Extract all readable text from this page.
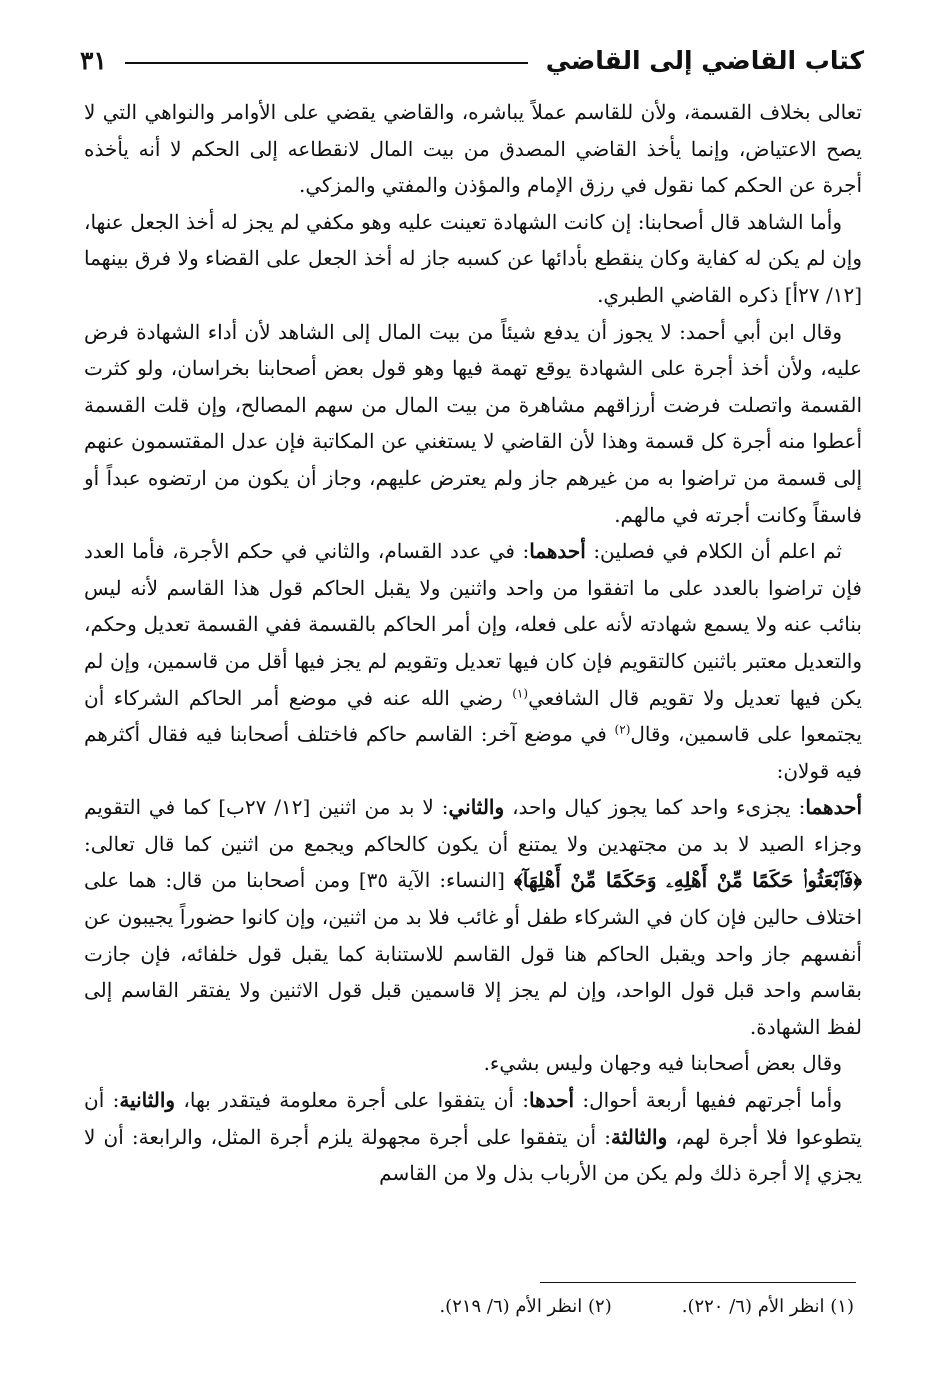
كتاب القاضي إلى القاضي
٣١

تعالى بخلاف القسمة، ولأن للقاسم عملاً يباشره، والقاضي يقضي على الأوامر والنواهي التي لا يصح الاعتياض، وإنما يأخذ القاضي المصدق من بيت المال لانقطاعه إلى الحكم لا أنه يأخذه أجرة عن الحكم كما نقول في رزق الإمام والمؤذن والمفتي والمزكي.

وأما الشاهد قال أصحابنا: إن كانت الشهادة تعينت عليه وهو مكفي لم يجز له أخذ الجعل عنها، وإن لم يكن له كفاية وكان ينقطع بأدائها عن كسبه جاز له أخذ الجعل على القضاء ولا فرق بينهما [١٢/ ٢٧أ] ذكره القاضي الطبري.

وقال ابن أبي أحمد: لا يجوز أن يدفع شيئاً من بيت المال إلى الشاهد لأن أداء الشهادة فرض عليه، ولأن أخذ أجرة على الشهادة يوقع تهمة فيها وهو قول بعض أصحابنا بخراسان، ولو كثرت القسمة واتصلت فرضت أرزاقهم مشاهرة من بيت المال من سهم المصالح، وإن قلت القسمة أعطوا منه أجرة كل قسمة وهذا لأن القاضي لا يستغني عن المكاتبة فإن عدل المقتسمون عنهم إلى قسمة من تراضوا به من غيرهم جاز ولم يعترض عليهم، وجاز أن يكون من ارتضوه عبداً أو فاسقاً وكانت أجرته في مالهم.

ثم اعلم أن الكلام في فصلين: أحدهما: في عدد القسام، والثاني في حكم الأجرة، فأما العدد فإن تراضوا بالعدد على ما اتفقوا من واحد واثنين ولا يقبل الحاكم قول هذا القاسم لأنه ليس بنائب عنه ولا يسمع شهادته لأنه على فعله، وإن أمر الحاكم بالقسمة ففي القسمة تعديل وحكم، والتعديل معتبر باثنين كالتقويم فإن كان فيها تعديل وتقويم لم يجز فيها أقل من قاسمين، وإن لم يكن فيها تعديل ولا تقويم قال الشافعي$^{(١)}$ رضي الله عنه في موضع أمر الحاكم الشركاء أن يجتمعوا على قاسمين، وقال$^{(٢)}$ في موضع آخر: القاسم حاكم فاختلف أصحابنا فيه فقال أكثرهم فيه قولان:

أحدهما: يجزىء واحد كما يجوز كيال واحد، والثاني: لا بد من اثنين [١٢/ ٢٧ب] كما في التقويم وجزاء الصيد لا بد من مجتهدين ولا يمتنع أن يكون كالحاكم ويجمع من اثنين كما قال تعالى: ﴿فَٱبْعَثُوا۟ حَكَمًا مِّنْ أَهْلِهِۦ وَحَكَمًا مِّنْ أَهْلِهَآ﴾ [النساء: الآية ٣٥] ومن أصحابنا من قال: هما على اختلاف حالين فإن كان في الشركاء طفل أو غائب فلا بد من اثنين، وإن كانوا حضوراً يجيبون عن أنفسهم جاز واحد ويقبل الحاكم هنا قول القاسم للاستنابة كما يقبل قول خلفائه، فإن جازت بقاسم واحد قبل قول الواحد، وإن لم يجز إلا قاسمين قبل قول الاثنين ولا يفتقر القاسم إلى لفظ الشهادة.

وقال بعض أصحابنا فيه وجهان وليس بشيء.

وأما أجرتهم ففيها أربعة أحوال: أحدها: أن يتفقوا على أجرة معلومة فيتقدر بها، والثانية: أن يتطوعوا فلا أجرة لهم، والثالثة: أن يتفقوا على أجرة مجهولة يلزم أجرة المثل، والرابعة: أن لا يجزي إلا أجرة ذلك ولم يكن من الأرباب بذل ولا من القاسم

(١) انظر الأم (٦/ ٢٢٠).
(٢) انظر الأم (٦/ ٢١٩).
